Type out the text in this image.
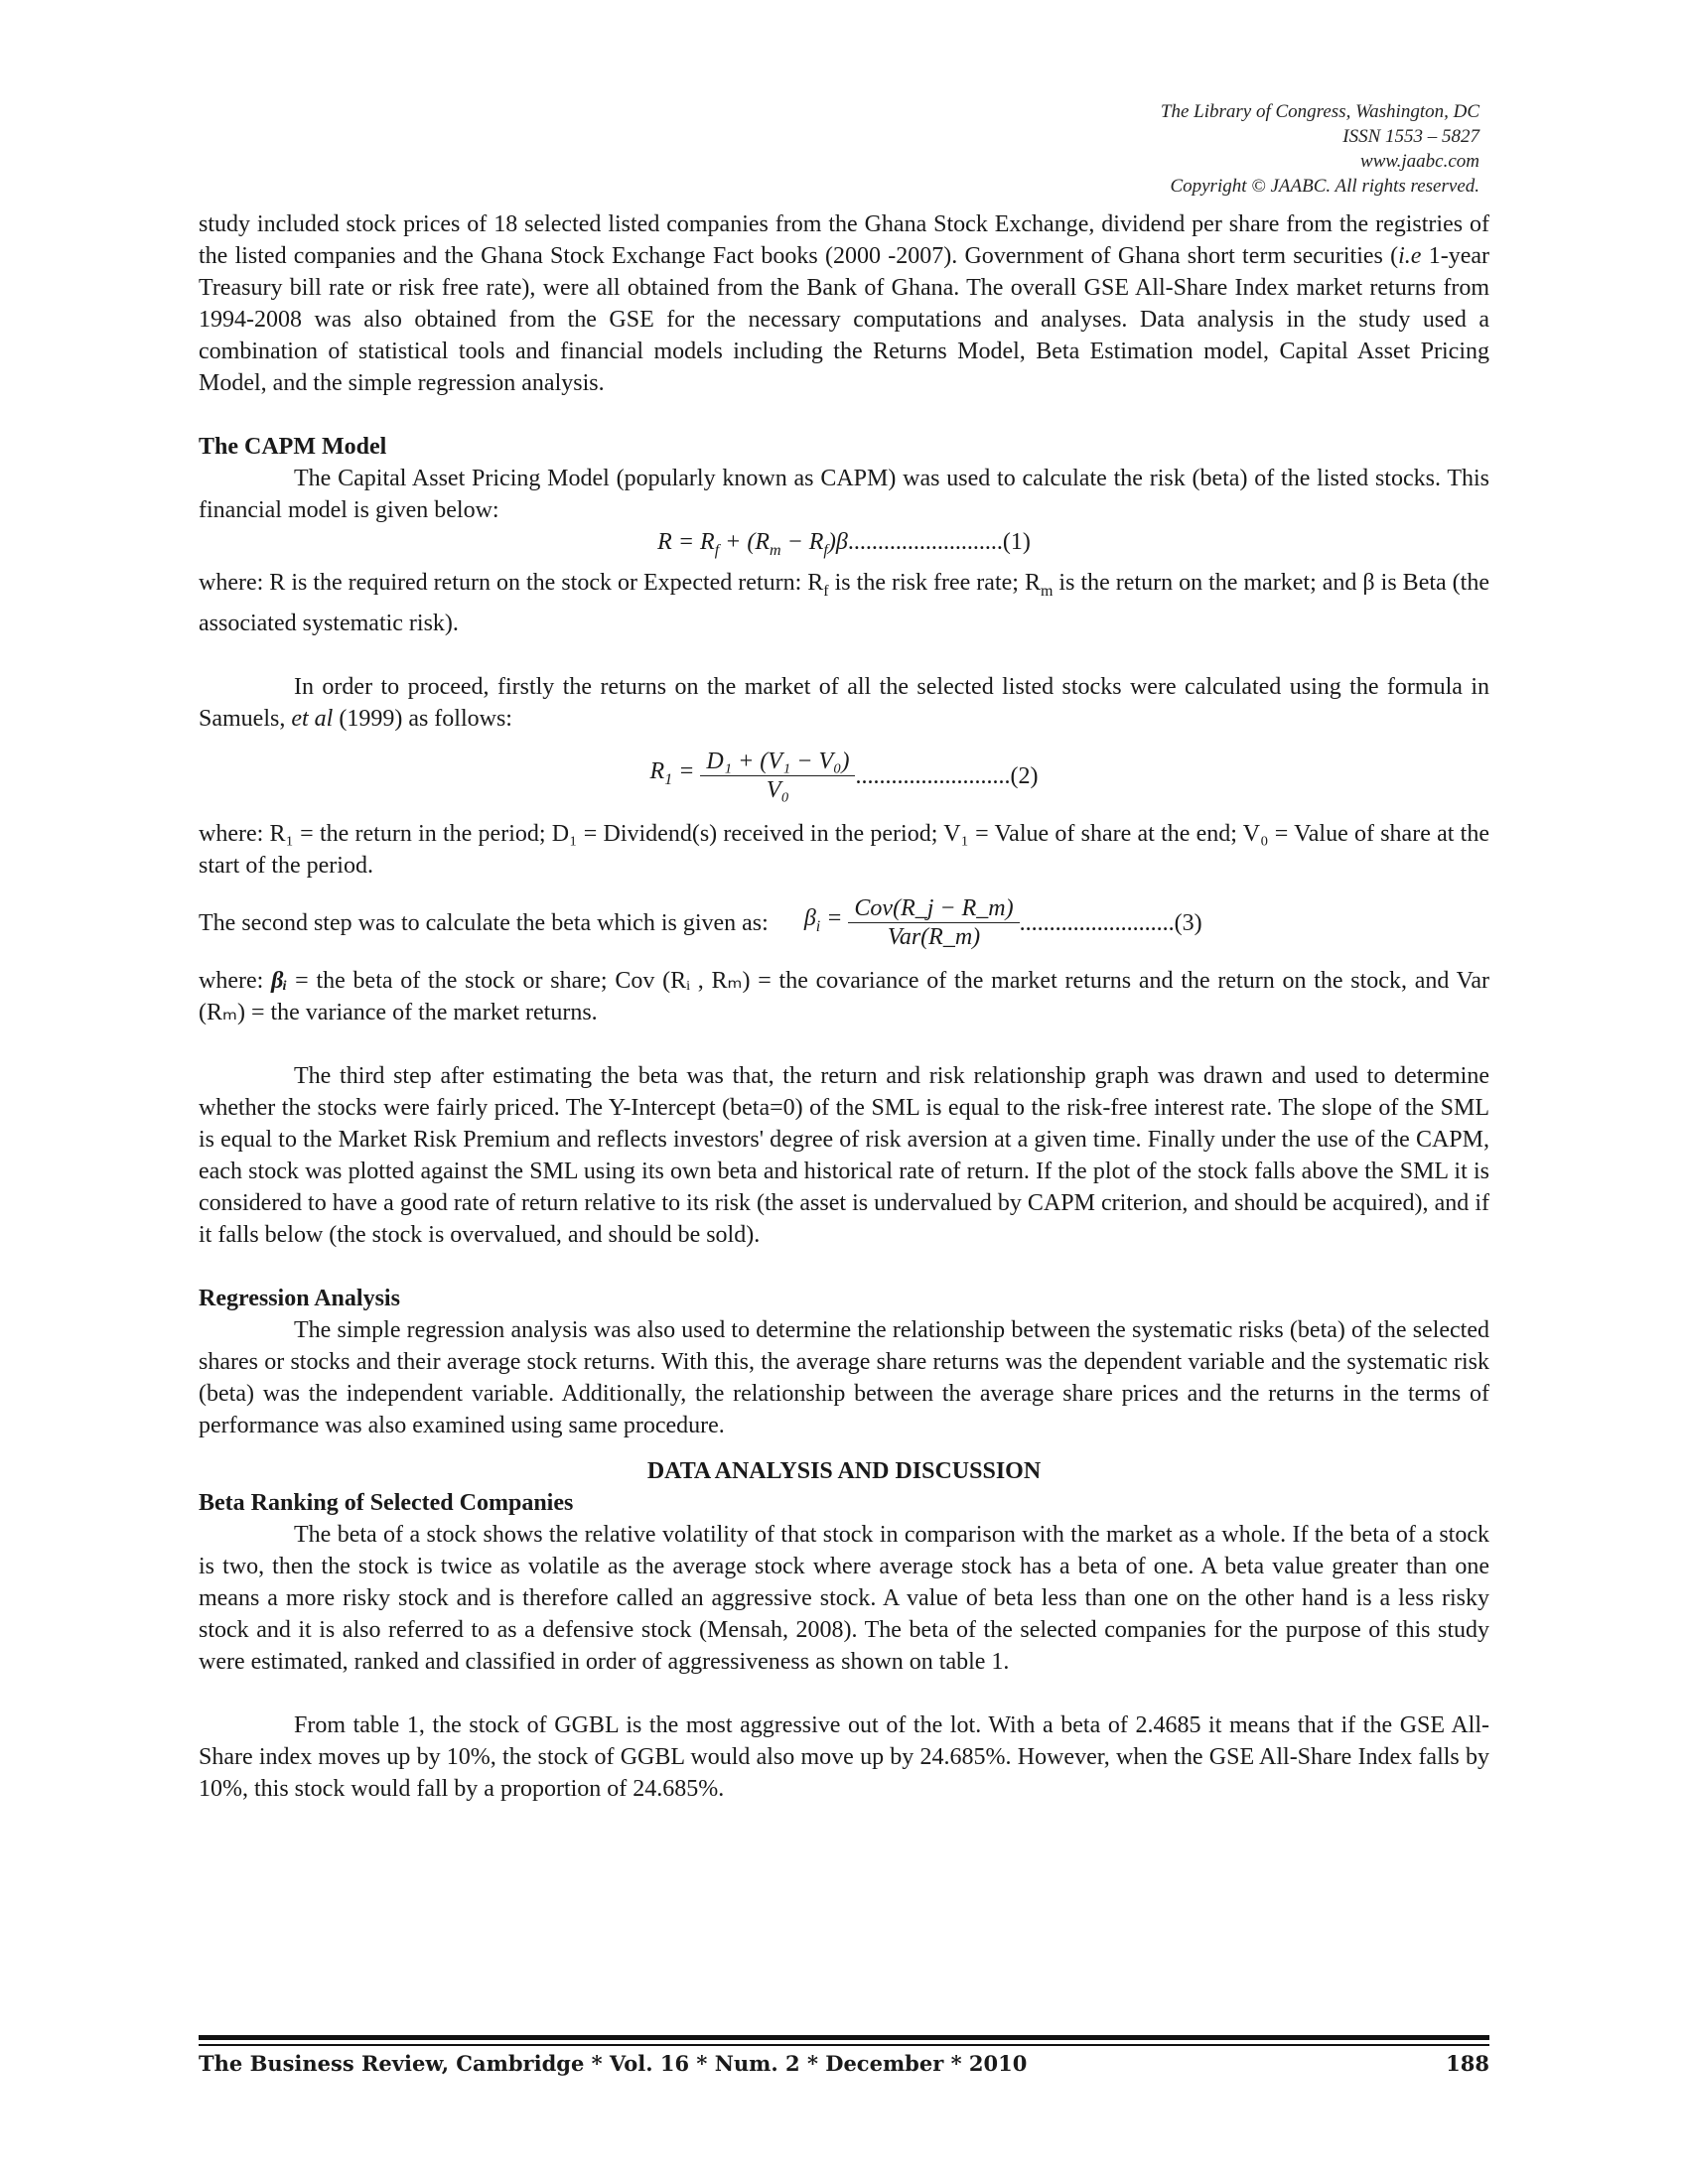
The Library of Congress, Washington, DC
ISSN 1553 – 5827
www.jaabc.com
Copyright © JAABC. All rights reserved.

study included stock prices of 18 selected listed companies from the Ghana Stock Exchange, dividend per share from the registries of the listed companies and the Ghana Stock Exchange Fact books (2000 -2007). Government of Ghana short term securities (i.e 1-year Treasury bill rate or risk free rate), were all obtained from the Bank of Ghana. The overall GSE All-Share Index market returns from 1994-2008 was also obtained from the GSE for the necessary computations and analyses. Data analysis in the study used a combination of statistical tools and financial models including the Returns Model, Beta Estimation model, Capital Asset Pricing Model, and the simple regression analysis.

The CAPM Model

The Capital Asset Pricing Model (popularly known as CAPM) was used to calculate the risk (beta) of the listed stocks. This financial model is given below:

$R = R_f + (R_m - R_f)\beta..........................(1)$

where: R is the required return on the stock or Expected return: $R_f$ is the risk free rate; $R_m$ is the return on the market; and β is Beta (the associated systematic risk).

In order to proceed, firstly the returns on the market of all the selected listed stocks were calculated using the formula in Samuels, et al (1999) as follows:

$R_1 = \frac{\text{D₁ + (V₁ − V₀)}}{\text{V₀}} ..........................(2)$

where: R₁ = the return in the period; D₁ = Dividend(s) received in the period; V₁ = Value of share at the end; V₀ = Value of share at the start of the period.

The second step was to calculate the beta which is given as: $\beta_i = \frac{\text{Cov(R\_j − R\_m)}}{\text{Var(R\_m)}} ..........................(3)$

where: βᵢ = the beta of the stock or share; Cov (Rᵢ , Rₘ) = the covariance of the market returns and the return on the stock, and Var (Rₘ) = the variance of the market returns.

The third step after estimating the beta was that, the return and risk relationship graph was drawn and used to determine whether the stocks were fairly priced. The Y-Intercept (beta=0) of the SML is equal to the risk-free interest rate. The slope of the SML is equal to the Market Risk Premium and reflects investors' degree of risk aversion at a given time. Finally under the use of the CAPM, each stock was plotted against the SML using its own beta and historical rate of return. If the plot of the stock falls above the SML it is considered to have a good rate of return relative to its risk (the asset is undervalued by CAPM criterion, and should be acquired), and if it falls below (the stock is overvalued, and should be sold).

Regression Analysis

The simple regression analysis was also used to determine the relationship between the systematic risks (beta) of the selected shares or stocks and their average stock returns. With this, the average share returns was the dependent variable and the systematic risk (beta) was the independent variable. Additionally, the relationship between the average share prices and the returns in the terms of performance was also examined using same procedure.

DATA ANALYSIS AND DISCUSSION

Beta Ranking of Selected Companies

The beta of a stock shows the relative volatility of that stock in comparison with the market as a whole. If the beta of a stock is two, then the stock is twice as volatile as the average stock where average stock has a beta of one. A beta value greater than one means a more risky stock and is therefore called an aggressive stock. A value of beta less than one on the other hand is a less risky stock and it is also referred to as a defensive stock (Mensah, 2008). The beta of the selected companies for the purpose of this study were estimated, ranked and classified in order of aggressiveness as shown on table 1.

From table 1, the stock of GGBL is the most aggressive out of the lot. With a beta of 2.4685 it means that if the GSE All-Share index moves up by 10%, the stock of GGBL would also move up by 24.685%. However, when the GSE All-Share Index falls by 10%, this stock would fall by a proportion of 24.685%.

The Business Review, Cambridge * Vol. 16 * Num. 2 * December * 2010	188
